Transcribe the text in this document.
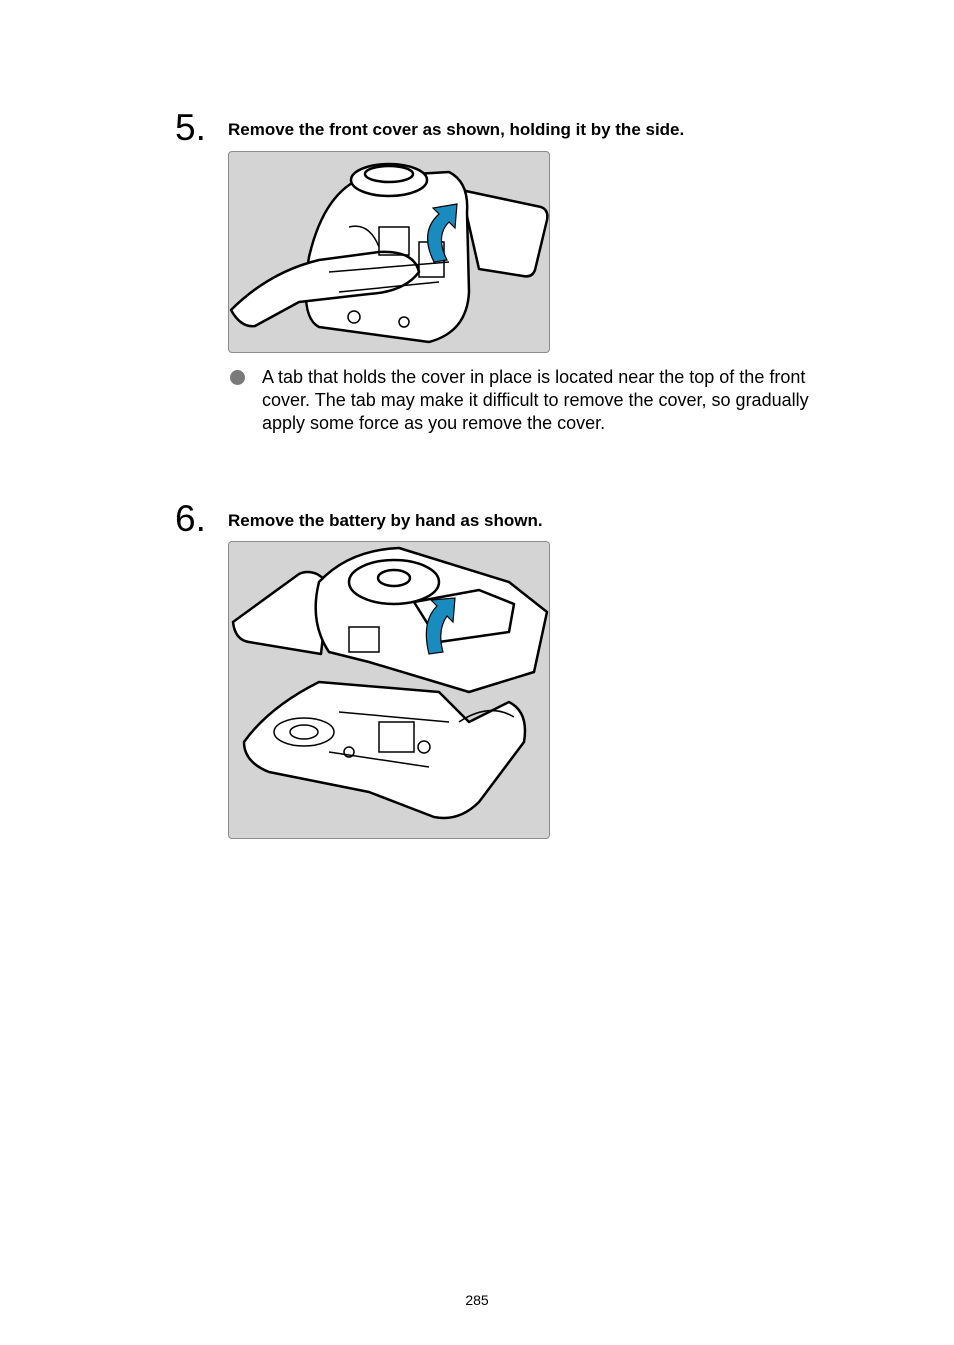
5. Remove the front cover as shown, holding it by the side.
A tab that holds the cover in place is located near the top of the front cover. The tab may make it difficult to remove the cover, so gradually apply some force as you remove the cover.
6. Remove the battery by hand as shown.
285
